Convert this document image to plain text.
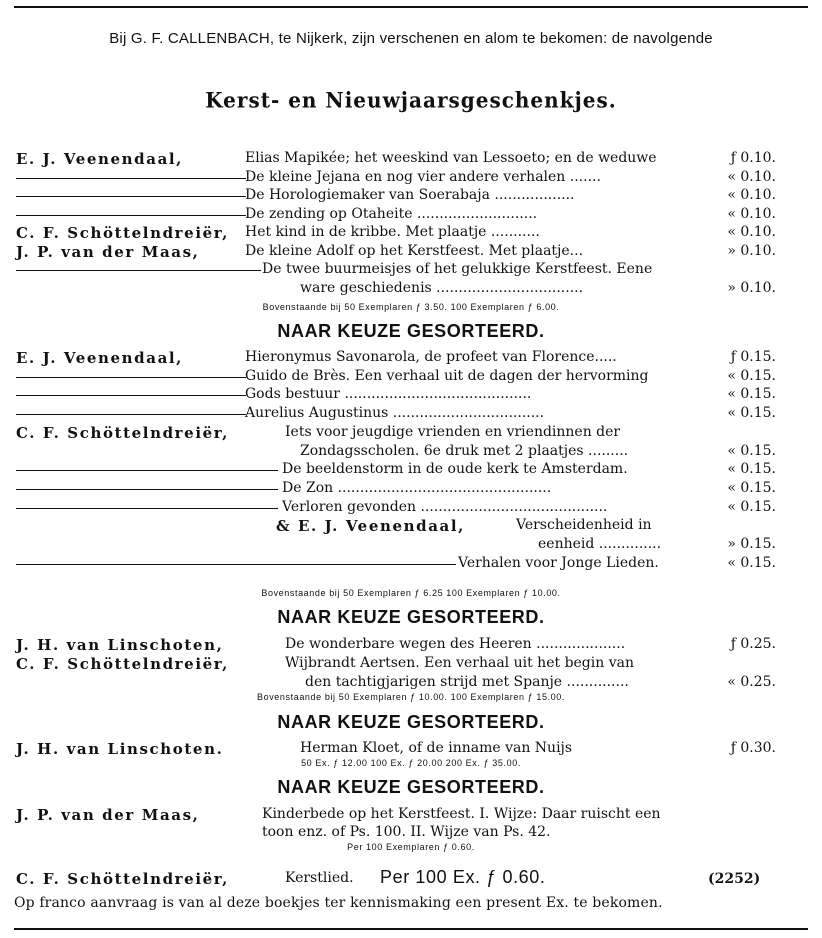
Bij G. F. CALLENBACH, te Nijkerk, zijn verschenen en alom te bekomen: de navolgende
Kerst- en Nieuwjaarsgeschenkjes.
E. J. Veenendaal,	Elias Mapikée; het weeskind van Lessoeto; en de weduwe	ƒ 0.10.
De kleine Jejana en nog vier andere verhalen .......	« 0.10.
De Horologiemaker van Soerabaja ..................	« 0.10.
De zending op Otaheite ...........................	« 0.10.
C. F. Schöttelndreiër, Het kind in de kribbe. Met plaatje ...........	« 0.10.
J. P. van der Maas,	De kleine Adolf op het Kerstfeest. Met plaatje...	» 0.10.
De twee buurmeisjes of het gelukkige Kerstfeest. Eene
ware geschiedenis .................................	» 0.10.
Bovenstaande bij 50 Exemplaren ƒ 3.50. 100 Exemplaren ƒ 6.00.
NAAR KEUZE GESORTEERD.
E. J. Veenendaal,	Hieronymus Savonarola, de profeet van Florence.....	ƒ 0.15.
Guido de Brès. Een verhaal uit de dagen der hervorming	« 0.15.
Gods bestuur ..........................................	« 0.15.
Aurelius Augustinus ..................................	« 0.15.
C. F. Schöttelndreiër,	Iets voor jeugdige vrienden en vriendinnen der
Zondagsscholen. 6e druk met 2 plaatjes .........	« 0.15.
De beeldenstorm in de oude kerk te Amsterdam.	« 0.15.
De Zon ................................................	« 0.15.
Verloren gevonden ..........................................	« 0.15.
& E. J. Veenendaal,	Verscheidenheid in
eenheid ..............	» 0.15.
Verhalen voor Jonge Lieden.	« 0.15.
Bovenstaande bij 50 Exemplaren ƒ 6.25 100 Exemplaren ƒ 10.00.
NAAR KEUZE GESORTEERD.
J. H. van Linschoten,	De wonderbare wegen des Heeren ....................	ƒ 0.25.
C. F. Schöttelndreiër,	Wijbrandt Aertsen. Een verhaal uit het begin van
den tachtigjarigen strijd met Spanje ..............	« 0.25.
Bovenstaande bij 50 Exemplaren ƒ 10.00. 100 Exemplaren ƒ 15.00.
NAAR KEUZE GESORTEERD.
J. H. van Linschoten.	Herman Kloet, of de inname van Nuijs	ƒ 0.30.
50 Ex. ƒ 12.00 100 Ex. ƒ 20.00 200 Ex. ƒ 35.00.
NAAR KEUZE GESORTEERD.
J. P. van der Maas,	Kinderbede op het Kerstfeest. I. Wijze: Daar ruischt een
toon enz. of Ps. 100. II. Wijze van Ps. 42.
Per 100 Exemplaren ƒ 0.60.
C. F. Schöttelndreiër,	Kerstlied. Per 100 Ex. ƒ 0.60.	(2252)
Op franco aanvraag is van al deze boekjes ter kennismaking een present Ex. te bekomen.
